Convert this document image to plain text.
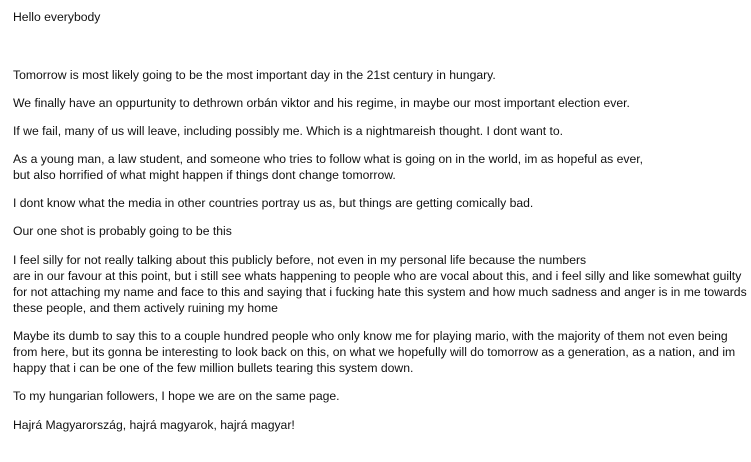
Hello everybody

Tomorrow is most likely going to be the most important day in the 21st century in hungary.

We finally have an oppurtunity to dethrown orbán viktor and his regime, in maybe our most important election ever.

If we fail, many of us will leave, including possibly me. Which is a nightmareish thought. I dont want to.

As a young man, a law student, and someone who tries to follow what is going on in the world, im as hopeful as ever,
but also horrified of what might happen if things dont change tomorrow.

I dont know what the media in other countries portray us as, but things are getting comically bad.

Our one shot is probably going to be this

I feel silly for not really talking about this publicly before, not even in my personal life because the numbers
are in our favour at this point, but i still see whats happening to people who are vocal about this, and i feel silly and like somewhat guilty
for not attaching my name and face to this and saying that i fucking hate this system and how much sadness and anger is in me towards
these people, and them actively ruining my home

Maybe its dumb to say this to a couple hundred people who only know me for playing mario, with the majority of them not even being
from here, but its gonna be interesting to look back on this, on what we hopefully will do tomorrow as a generation, as a nation, and im
happy that i can be one of the few million bullets tearing this system down.

To my hungarian followers, I hope we are on the same page.

Hajrá Magyarország, hajrá magyarok, hajrá magyar!
